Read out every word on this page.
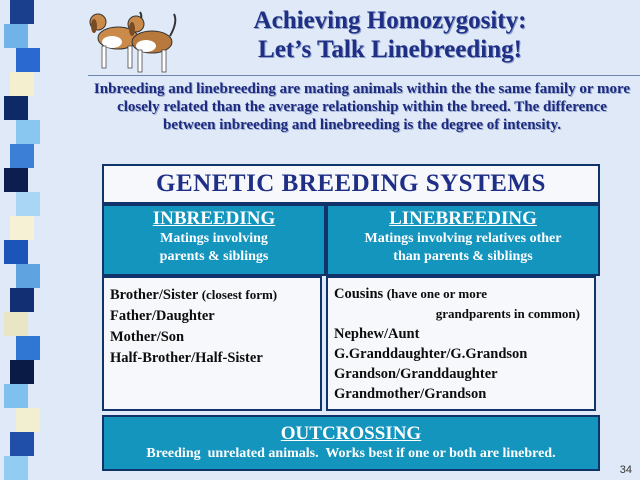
Achieving Homozygosity:
Let’s Talk Linebreeding!
Inbreeding and linebreeding are mating animals within the the same family or more closely related than the average relationship within the breed. The difference between inbreeding and linebreeding is the degree of intensity.
GENETIC BREEDING SYSTEMS
INBREEDING
Matings involving
parents & siblings
LINEBREEDING
Matings involving relatives other
than parents & siblings
Brother/Sister (closest form)
Father/Daughter
Mother/Son
Half-Brother/Half-Sister
Cousins (have one or more
grandparents in common)
Nephew/Aunt
G.Granddaughter/G.Grandson
Grandson/Granddaughter
Grandmother/Grandson
OUTCROSSING
Breeding  unrelated animals.  Works best if one or both are linebred.
34
